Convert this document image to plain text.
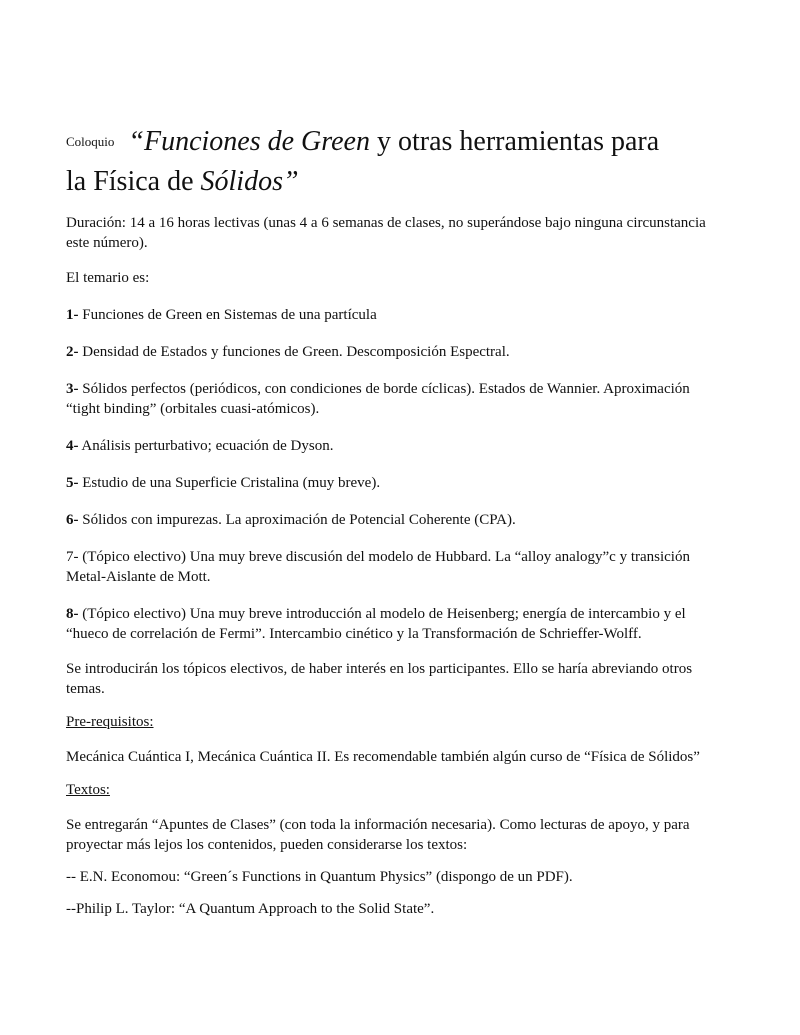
Coloquio “Funciones de Green y otras herramientas para
la Física de Sólidos”

Duración: 14 a 16 horas lectivas (unas 4 a 6 semanas de clases, no superándose bajo ninguna circunstancia este número).

El temario es:

1- Funciones de Green en Sistemas de una partícula

2- Densidad de Estados y funciones de Green. Descomposición Espectral.

3- Sólidos perfectos (periódicos, con condiciones de borde cíclicas). Estados de Wannier. Aproximación “tight binding” (orbitales cuasi-atómicos).

4- Análisis perturbativo; ecuación de Dyson.

5- Estudio de una Superficie Cristalina (muy breve).

6- Sólidos con impurezas. La aproximación de Potencial Coherente (CPA).

7- (Tópico electivo) Una muy breve discusión del modelo de Hubbard. La “alloy analogy”c y transición Metal-Aislante de Mott.

8- (Tópico electivo) Una muy breve introducción al modelo de Heisenberg; energía de intercambio y el “hueco de correlación de Fermi”. Intercambio cinético y la Transformación de Schrieffer-Wolff.

Se introducirán los tópicos electivos, de haber interés en los participantes. Ello se haría abreviando otros temas.

Pre-requisitos:

Mecánica Cuántica I, Mecánica Cuántica II. Es recomendable también algún curso de “Física de Sólidos”

Textos:

Se entregarán “Apuntes de Clases” (con toda la información necesaria). Como lecturas de apoyo, y para proyectar más lejos los contenidos, pueden considerarse los textos:

-- E.N. Economou: “Green´s Functions in Quantum Physics” (dispongo de un PDF).

--Philip L. Taylor: “A Quantum Approach to the Solid State”.
